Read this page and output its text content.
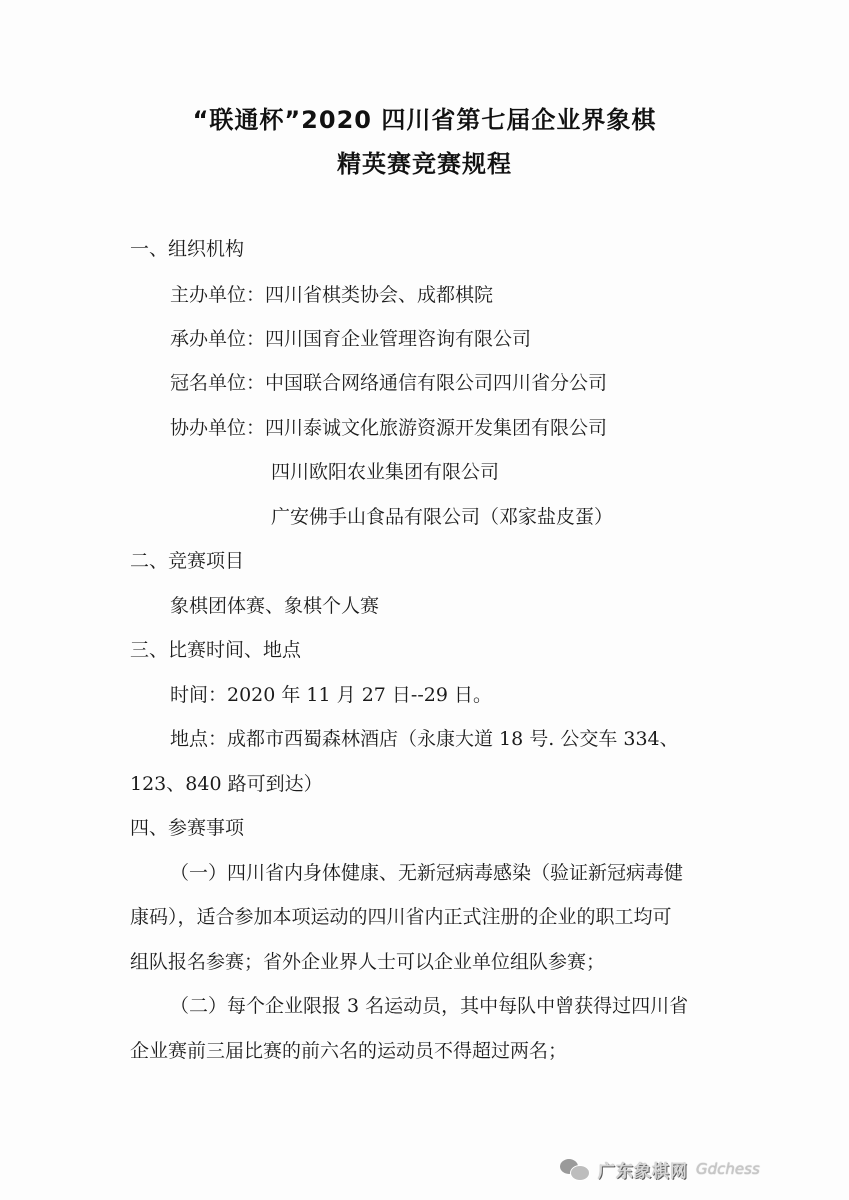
“联通杯”2020 四川省第七届企业界象棋
精英赛竞赛规程

一、组织机构

主办单位：四川省棋类协会、成都棋院

承办单位：四川国育企业管理咨询有限公司

冠名单位：中国联合网络通信有限公司四川省分公司

协办单位：四川泰诚文化旅游资源开发集团有限公司

四川欧阳农业集团有限公司

广安佛手山食品有限公司（邓家盐皮蛋）

二、竞赛项目

象棋团体赛、象棋个人赛

三、比赛时间、地点

时间：2020 年 11 月 27 日--29 日。

地点：成都市西蜀森林酒店（永康大道 18 号. 公交车 334、

123、840 路可到达）

四、参赛事项

（一）四川省内身体健康、无新冠病毒感染（验证新冠病毒健

康码），适合参加本项运动的四川省内正式注册的企业的职工均可

组队报名参赛；省外企业界人士可以企业单位组队参赛；

（二）每个企业限报 3 名运动员，其中每队中曾获得过四川省

企业赛前三届比赛的前六名的运动员不得超过两名；

广东象棋网 Gdchess
